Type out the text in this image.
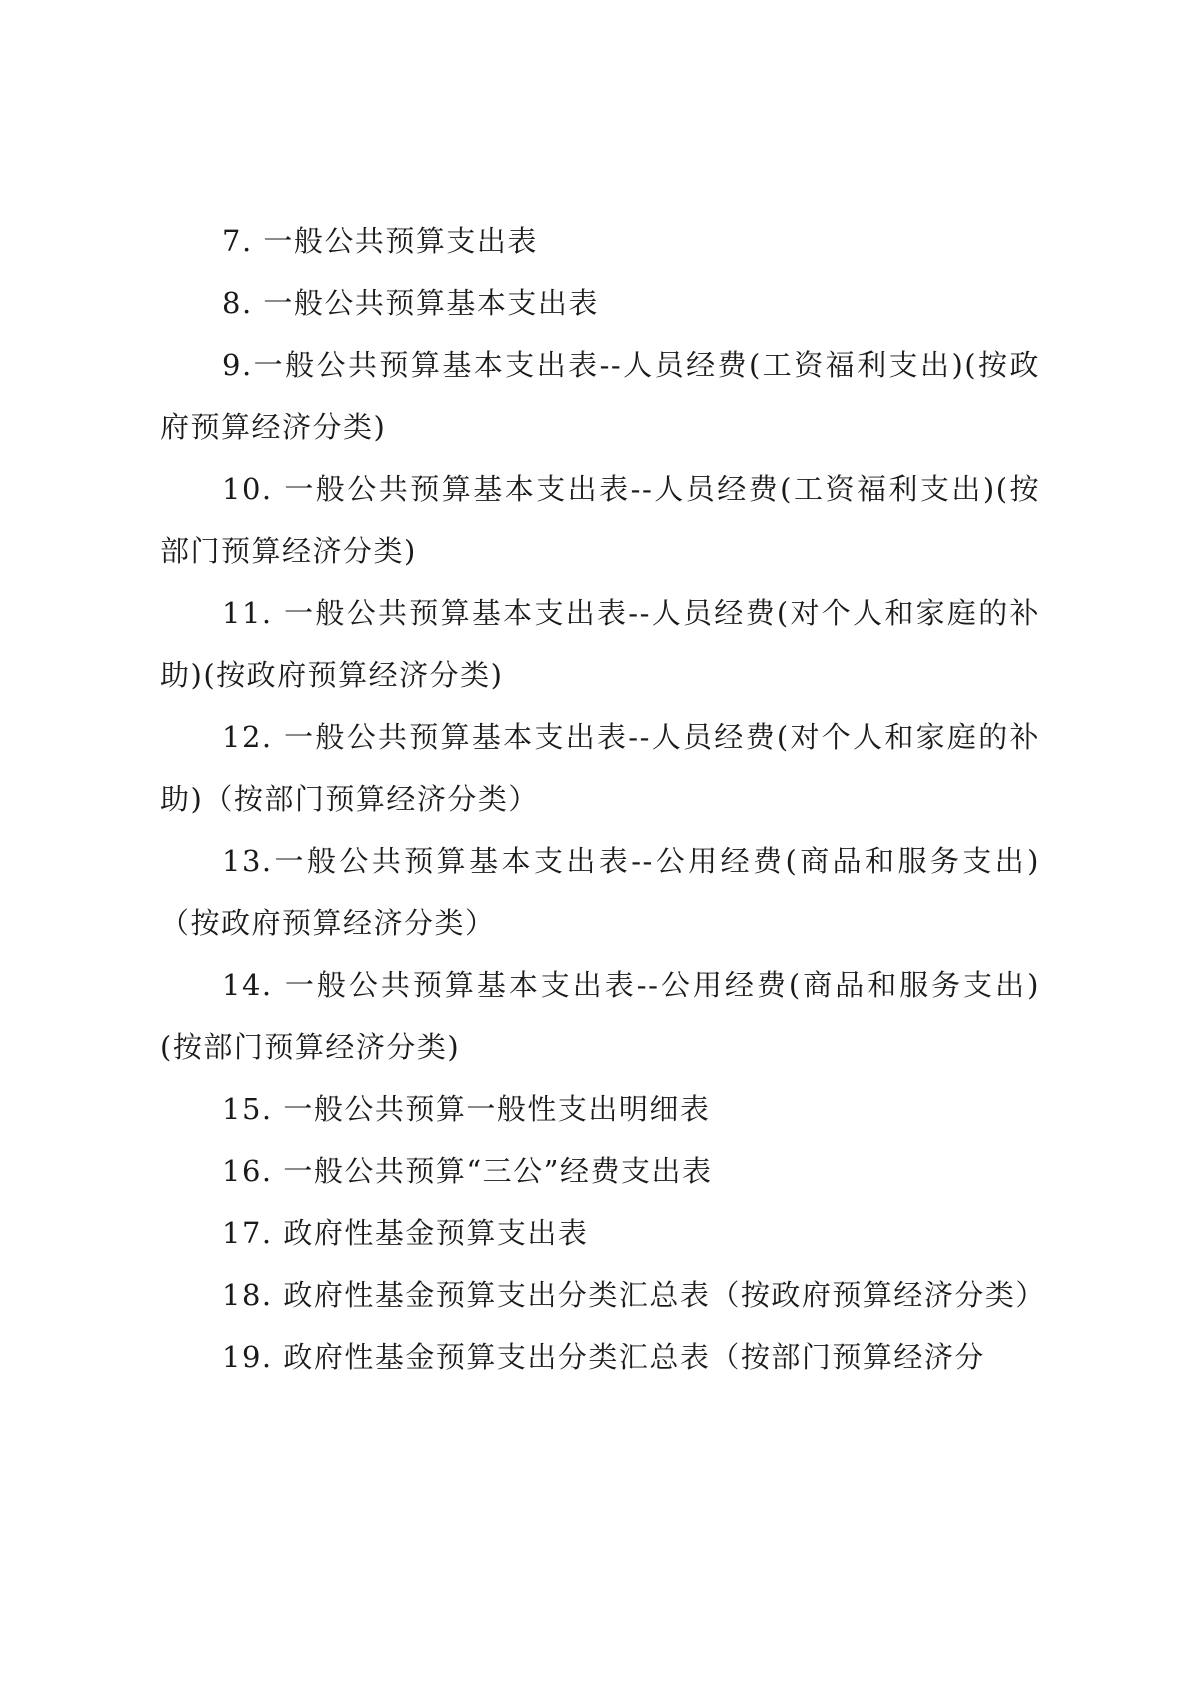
7. 一般公共预算支出表

8. 一般公共预算基本支出表

9.一般公共预算基本支出表--人员经费(工资福利支出)(按政府预算经济分类)

10. 一般公共预算基本支出表--人员经费(工资福利支出)(按部门预算经济分类)

11. 一般公共预算基本支出表--人员经费(对个人和家庭的补助)(按政府预算经济分类)

12. 一般公共预算基本支出表--人员经费(对个人和家庭的补助)（按部门预算经济分类）

13.一般公共预算基本支出表--公用经费(商品和服务支出)（按政府预算经济分类）

14. 一般公共预算基本支出表--公用经费(商品和服务支出)(按部门预算经济分类)

15. 一般公共预算一般性支出明细表

16. 一般公共预算“三公”经费支出表

17. 政府性基金预算支出表

18. 政府性基金预算支出分类汇总表（按政府预算经济分类）

19. 政府性基金预算支出分类汇总表（按部门预算经济分
